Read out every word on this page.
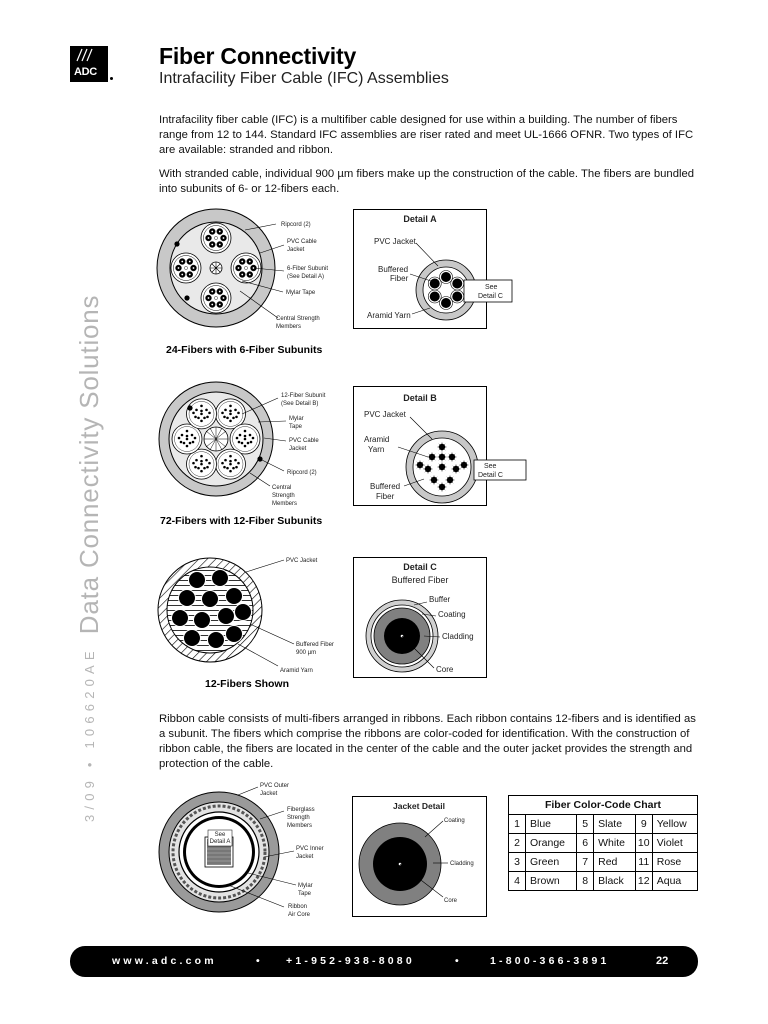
ADC
Fiber Connectivity
Intrafacility Fiber Cable (IFC) Assemblies
3/09 • 106620AE
Data Connectivity Solutions

Intrafacility fiber cable (IFC) is a multifiber cable designed for use within a building. The number of fibers range from 12 to 144. Standard IFC assemblies are riser rated and meet UL-1666 OFNR. Two types of IFC are available: stranded and ribbon.

With stranded cable, individual 900 µm fibers make up the construction of the cable. The fibers are bundled into subunits of 6- or 12-fibers each.

Ribbon cable consists of multi-fibers arranged in ribbons. Each ribbon contains 12-fibers and is identified as a subunit. The fibers which comprise the ribbons are color-coded for identification. With the construction of ribbon cable, the fibers are located in the center of the cable and the outer jacket provides the strength and protection of the cable.

Ripcord (2)
PVC Cable
Jacket
6-Fiber Subunit
(See Detail A)
Mylar Tape
Central Strength
Members
24-Fibers with 6-Fiber Subunits
Detail A
PVC Jacket
Buffered
Fiber
Aramid Yarn
See
Detail C
12-Fiber Subunit
(See Detail B)
Mylar
Tape
PVC Cable
Jacket
Ripcord (2)
Central
Strength
Members
72-Fibers with 12-Fiber Subunits
Detail B
PVC Jacket
Aramid
Yarn
Buffered
Fiber
See
Detail C
PVC Jacket
Buffered Fiber
900 µm
Aramid Yarn
12-Fibers Shown
Detail C
Buffered Fiber
Buffer
Coating
Cladding
Core
See
Detail A
PVC Outer
Jacket
Fiberglass
Strength
Members
PVC Inner
Jacket
Mylar
Tape
Ribbon
Air Core
Jacket Detail
Coating
Cladding
Core
Fiber Color-Code Chart					
1	Blue	5	Slate	9	Yellow
2	Orange	6	White	10	Violet
3	Green	7	Red	11	Rose
4	Brown	8	Black	12	Aqua
www.adc.com	• +1-952-938-8080	•	1-800-366-3891	22
